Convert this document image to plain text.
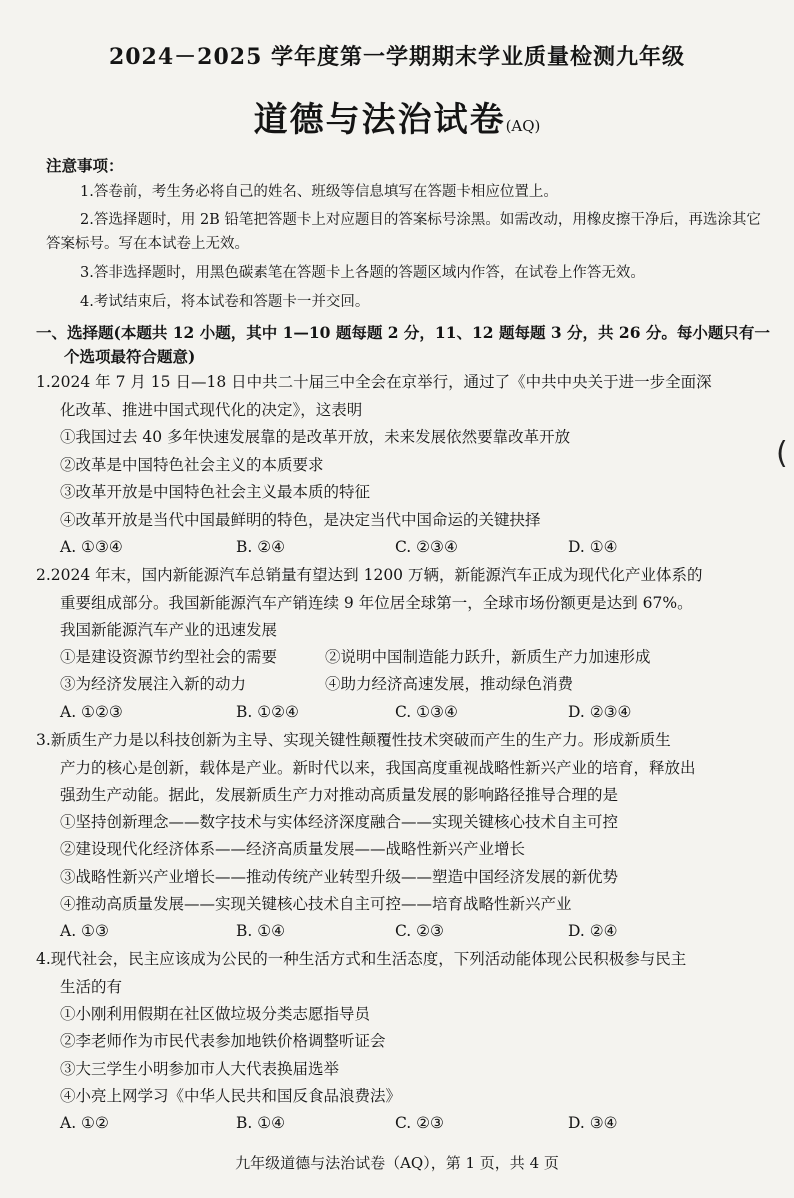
2024－2025 学年度第一学期期末学业质量检测九年级
道德与法治试卷(AQ)
注意事项：
1.答卷前，考生务必将自己的姓名、班级等信息填写在答题卡相应位置上。
2.答选择题时，用 2B 铅笔把答题卡上对应题目的答案标号涂黑。如需改动，用橡皮擦干净后，再选涂其它答案标号。写在本试卷上无效。
3.答非选择题时，用黑色碳素笔在答题卡上各题的答题区域内作答，在试卷上作答无效。
4.考试结束后，将本试卷和答题卡一并交回。
一、选择题(本题共 12 小题，其中 1—10 题每题 2 分，11、12 题每题 3 分，共 26 分。每小题只有一
个选项最符合题意)
1.2024 年 7 月 15 日—18 日中共二十届三中全会在京举行，通过了《中共中央关于进一步全面深
化改革、推进中国式现代化的决定》，这表明
①我国过去 40 多年快速发展靠的是改革开放，未来发展依然要靠改革开放
②改革是中国特色社会主义的本质要求
③改革开放是中国特色社会主义最本质的特征
④改革开放是当代中国最鲜明的特色，是决定当代中国命运的关键抉择
A. ①③④	B. ②④	C. ②③④	D. ①④
2.2024 年末，国内新能源汽车总销量有望达到 1200 万辆，新能源汽车正成为现代化产业体系的
重要组成部分。我国新能源汽车产销连续 9 年位居全球第一，全球市场份额更是达到 67%。
我国新能源汽车产业的迅速发展
①是建设资源节约型社会的需要	②说明中国制造能力跃升，新质生产力加速形成
③为经济发展注入新的动力	④助力经济高速发展，推动绿色消费
A. ①②③	B. ①②④	C. ①③④	D. ②③④
3.新质生产力是以科技创新为主导、实现关键性颠覆性技术突破而产生的生产力。形成新质生
产力的核心是创新，载体是产业。新时代以来，我国高度重视战略性新兴产业的培育，释放出
强劲生产动能。据此，发展新质生产力对推动高质量发展的影响路径推导合理的是
①坚持创新理念——数字技术与实体经济深度融合——实现关键核心技术自主可控
②建设现代化经济体系——经济高质量发展——战略性新兴产业增长
③战略性新兴产业增长——推动传统产业转型升级——塑造中国经济发展的新优势
④推动高质量发展——实现关键核心技术自主可控——培育战略性新兴产业
A. ①③	B. ①④	C. ②③	D. ②④
4.现代社会，民主应该成为公民的一种生活方式和生活态度，下列活动能体现公民积极参与民主
生活的有
①小刚利用假期在社区做垃圾分类志愿指导员
②李老师作为市民代表参加地铁价格调整听证会
③大三学生小明参加市人大代表换届选举
④小亮上网学习《中华人民共和国反食品浪费法》
A. ①②	B. ①④	C. ②③	D. ③④
(
九年级道德与法治试卷（AQ），第 1 页，共 4 页
